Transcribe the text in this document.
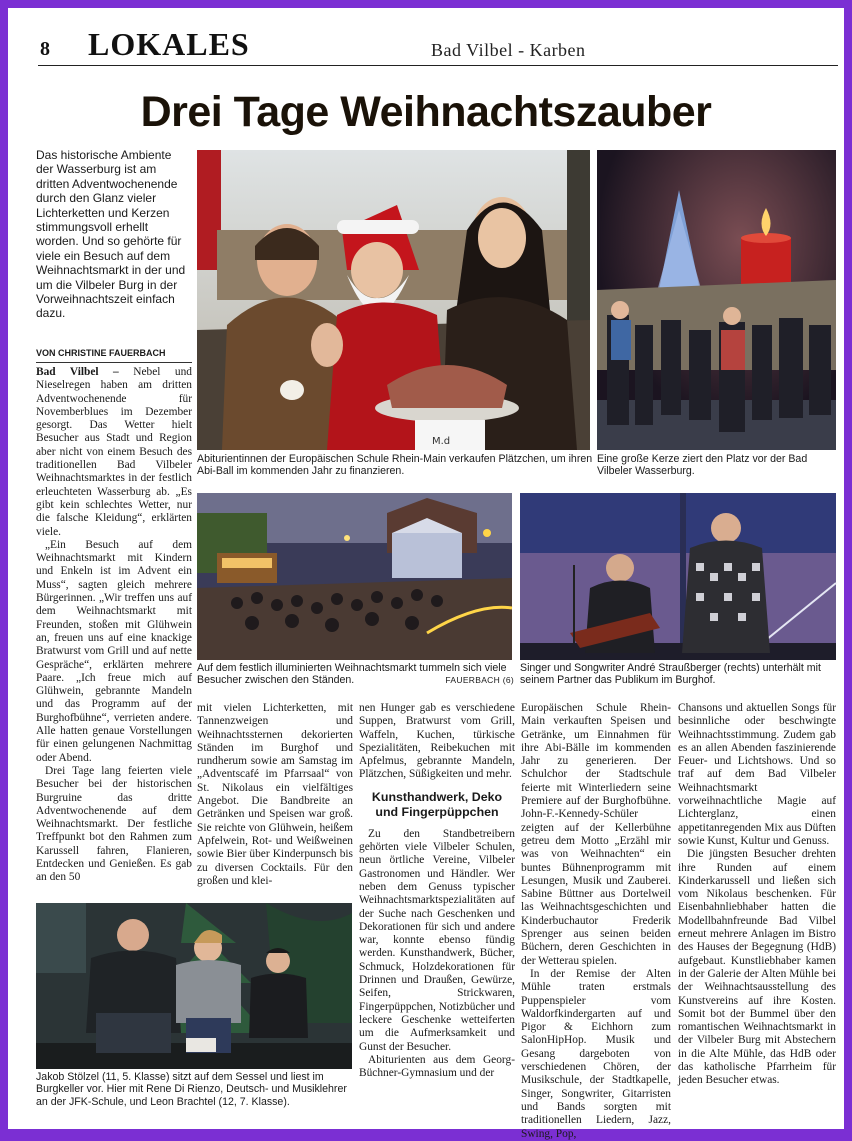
8 LOKALES	Bad Vilbel - Karben
Drei Tage Weihnachtszauber
Das historische Ambiente der Wasserburg ist am dritten Adventwochenende durch den Glanz vieler Lichterketten und Kerzen stimmungsvoll erhellt worden. Und so gehörte für viele ein Besuch auf dem Weihnachtsmarkt in der und um die Vilbeler Burg in der Vorweihnachtszeit einfach dazu.
VON CHRISTINE FAUERBACH
M.d
Abiturientinnen der Europäischen Schule Rhein-Main verkaufen Plätzchen, um ihren Abi-Ball im kommenden Jahr zu finanzieren.
Eine große Kerze ziert den Platz vor der Bad Vilbeler Wasserburg.
Auf dem festlich illuminierten Weihnachtsmarkt tummeln sich viele Besucher zwischen den Ständen.	FAUERBACH (6)
Singer und Songwriter André Straußberger (rechts) unterhält mit seinem Partner das Publikum im Burghof.

Bad Vilbel – Nebel und Nieselregen haben am dritten Adventwochenende für Novemberblues im Dezember gesorgt. Das Wetter hielt Besucher aus Stadt und Region aber nicht von einem Besuch des traditionellen Bad Vilbeler Weihnachtsmarktes in der festlich erleuchteten Wasserburg ab. „Es gibt kein schlechtes Wetter, nur die falsche Kleidung“, erklärten viele.

„Ein Besuch auf dem Weihnachtsmarkt mit Kindern und Enkeln ist im Advent ein Muss“, sagten gleich mehrere Bürgerinnen. „Wir treffen uns auf dem Weihnachtsmarkt mit Freunden, stoßen mit Glühwein an, freuen uns auf eine knackige Bratwurst vom Grill und auf nette Gespräche“, erklärten mehrere Paare. „Ich freue mich auf Glühwein, gebrannte Mandeln und das Programm auf der Burghofbühne“, verrieten andere. Alle hatten genaue Vorstellungen für einen gelungenen Nachmittag oder Abend.

Drei Tage lang feierten viele Besucher bei der historischen Burgruine das dritte Adventwochenende auf dem Weihnachtsmarkt. Der festliche Treffpunkt bot den Rahmen zum Karussell fahren, Flanieren, Entdecken und Genießen. Es gab an den 50

mit vielen Lichterketten, mit Tannenzweigen und Weihnachtssternen dekorierten Ständen im Burghof und rundherum sowie am Samstag im „Adventscafé im Pfarrsaal“ von St. Nikolaus ein vielfältiges Angebot. Die Bandbreite an Getränken und Speisen war groß. Sie reichte von Glühwein, heißem Apfelwein, Rot- und Weißweinen sowie Bier über Kinderpunsch bis zu diversen Cocktails. Für den großen und klei-

nen Hunger gab es verschiedene Suppen, Bratwurst vom Grill, Waffeln, Kuchen, türkische Spezialitäten, Reibekuchen mit Apfelmus, gebrannte Mandeln, Plätzchen, Süßigkeiten und mehr.

Kunsthandwerk, Deko
und Fingerpüppchen

Zu den Standbetreibern gehörten viele Vilbeler Schulen, neun örtliche Vereine, Vilbeler Gastronomen und Händler. Wer neben dem Genuss typischer Weihnachtsmarktspezialitäten auf der Suche nach Geschenken und Dekorationen für sich und andere war, konnte ebenso fündig werden. Kunsthandwerk, Bücher, Schmuck, Holzdekorationen für Drinnen und Draußen, Gewürze, Seifen, Strickwaren, Fingerpüppchen, Notizbücher und leckere Geschenke wetteiferten um die Aufmerksamkeit und Gunst der Besucher.

Abiturienten aus dem Georg-Büchner-Gymnasium und der

Europäischen Schule Rhein-Main verkauften Speisen und Getränke, um Einnahmen für ihre Abi-Bälle im kommenden Jahr zu generieren. Der Schulchor der Stadtschule feierte mit Winterliedern seine Premiere auf der Burghofbühne. John-F.-Kennedy-Schüler zeigten auf der Kellerbühne getreu dem Motto „Erzähl mir was von Weihnachten“ ein buntes Bühnenprogramm mit Lesungen, Musik und Zauberei. Sabine Büttner aus Dortelweil las Weihnachtsgeschichten und Kinderbuchautor Frederik Sprenger aus seinen beiden Büchern, deren Geschichten in der Wetterau spielen.

In der Remise der Alten Mühle traten erstmals Puppenspieler vom Waldorfkindergarten auf und Pigor & Eichhorn zum SalonHipHop. Musik und Gesang dargeboten von verschiedenen Chören, der Musikschule, der Stadtkapelle, Singer, Songwriter, Gitarristen und Bands sorgten mit traditionellen Liedern, Jazz, Swing, Pop,

Chansons und aktuellen Songs für besinnliche oder beschwingte Weihnachtsstimmung. Zudem gab es an allen Abenden faszinierende Feuer- und Lichtshows. Und so traf auf dem Bad Vilbeler Weihnachtsmarkt vorweihnachtliche Magie auf Lichterglanz, einen appetitanregenden Mix aus Düften sowie Kunst, Kultur und Genuss.

Die jüngsten Besucher drehten ihre Runden auf einem Kinderkarussell und ließen sich vom Nikolaus beschenken. Für Eisenbahnliebhaber hatten die Modellbahnfreunde Bad Vilbel erneut mehrere Anlagen im Bistro des Hauses der Begegnung (HdB) aufgebaut. Kunstliebhaber kamen in der Galerie der Alten Mühle bei der Weihnachtsausstellung des Kunstvereins auf ihre Kosten. Somit bot der Bummel über den romantischen Weihnachtsmarkt in der Vilbeler Burg mit Abstechern in die Alte Mühle, das HdB oder das katholische Pfarrheim für jeden Besucher etwas.

Jakob Stölzel (11, 5. Klasse) sitzt auf dem Sessel und liest im Burgkeller vor. Hier mit Rene Di Rienzo, Deutsch- und Musiklehrer an der JFK-Schule, und Leon Brachtel (12, 7. Klasse).
